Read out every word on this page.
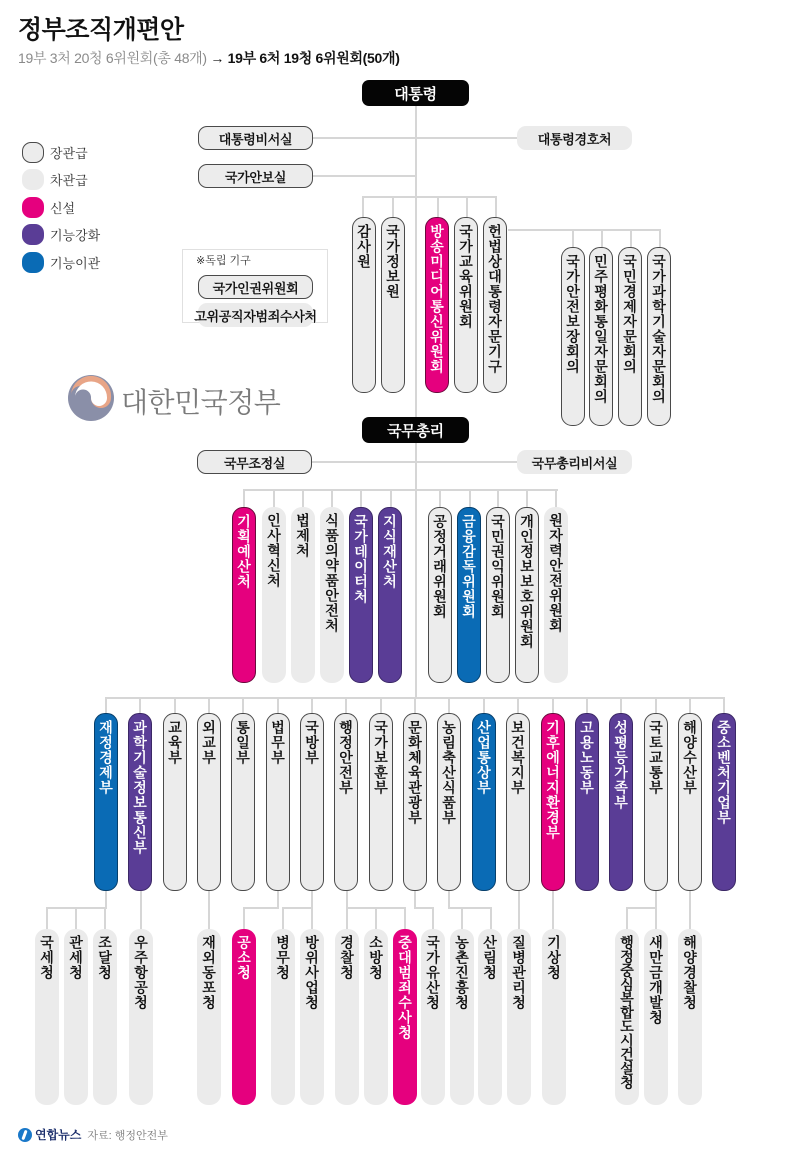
정부조직개편안
19부 3처 20청 6위원회(총 48개) → 19부 6처 19청 6위원회(50개)
장관급
차관급
신설
기능강화
기능이관
대통령
대통령비서실
국가안보실
대통령경호처
※독립 기구
국가인권위원회
고위공직자범죄수사처
감사원 국가정보원 방송미디어통신위원회 국가교육위원회 헌법상대통령자문기구	국가안전보장회의 민주평화통일자문회의 국민경제자문회의 국가과학기술자문회의
대한민국정부
국무총리
국무조정실	국무총리비서실
기획예산처 인사혁신처 법제처 식품의약품안전처 국가데이터처 지식재산처 공정거래위원회 금융감독위원회 국민권익위원회 개인정보보호위원회 원자력안전위원회
재정경제부 과학기술정보통신부 교육부 외교부 통일부 법무부 국방부 행정안전부 국가보훈부 문화체육관광부 농림축산식품부 산업통상부 보건복지부 기후에너지환경부 고용노동부 성평등가족부 국토교통부 해양수산부 중소벤처기업부
국세청 관세청 조달청 우주항공청	재외동포청 공소청 병무청 방위사업청 경찰청 소방청 중대범죄수사청 국가유산청 농촌진흥청 산림청 질병관리청 기상청	행정중심복합도시건설청 새만금개발청 해양경찰청
연합뉴스 자료: 행정안전부
